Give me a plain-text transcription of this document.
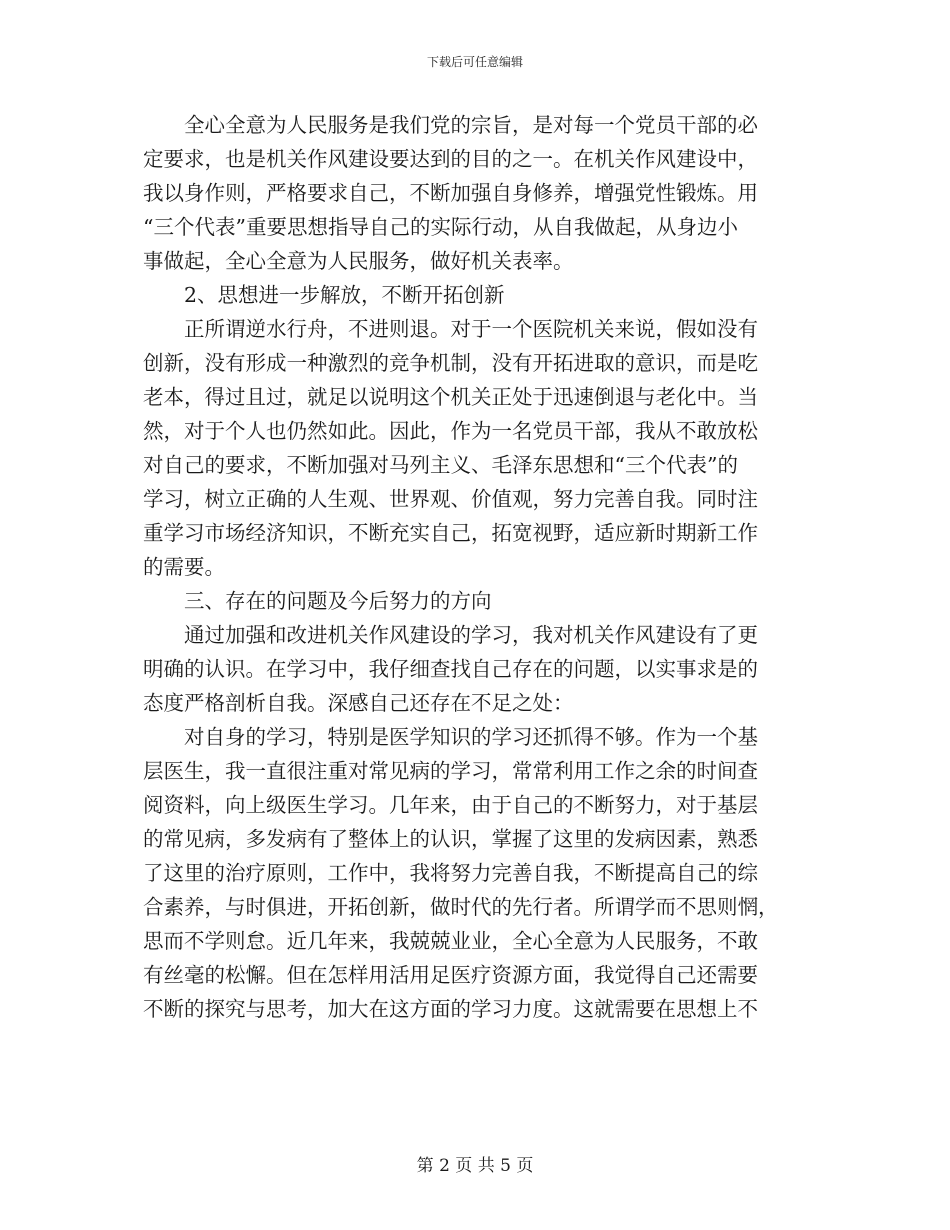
下载后可任意编辑
全心全意为人民服务是我们党的宗旨，是对每一个党员干部的必
定要求，也是机关作风建设要达到的目的之一。在机关作风建设中，
我以身作则，严格要求自己，不断加强自身修养，增强党性锻炼。用
“三个代表”重要思想指导自己的实际行动，从自我做起，从身边小
事做起，全心全意为人民服务，做好机关表率。
2、思想进一步解放，不断开拓创新
正所谓逆水行舟，不进则退。对于一个医院机关来说，假如没有
创新，没有形成一种激烈的竞争机制，没有开拓进取的意识，而是吃
老本，得过且过，就足以说明这个机关正处于迅速倒退与老化中。当
然，对于个人也仍然如此。因此，作为一名党员干部，我从不敢放松
对自己的要求，不断加强对马列主义、毛泽东思想和“三个代表”的
学习，树立正确的人生观、世界观、价值观，努力完善自我。同时注
重学习市场经济知识，不断充实自己，拓宽视野，适应新时期新工作
的需要。
三、存在的问题及今后努力的方向
通过加强和改进机关作风建设的学习，我对机关作风建设有了更
明确的认识。在学习中，我仔细查找自己存在的问题，以实事求是的
态度严格剖析自我。深感自己还存在不足之处：
对自身的学习，特别是医学知识的学习还抓得不够。作为一个基
层医生，我一直很注重对常见病的学习，常常利用工作之余的时间查
阅资料，向上级医生学习。几年来，由于自己的不断努力，对于基层
的常见病，多发病有了整体上的认识，掌握了这里的发病因素，熟悉
了这里的治疗原则，工作中，我将努力完善自我，不断提高自己的综
合素养，与时俱进，开拓创新，做时代的先行者。所谓学而不思则惘，
思而不学则怠。近几年来，我兢兢业业，全心全意为人民服务，不敢
有丝毫的松懈。但在怎样用活用足医疗资源方面，我觉得自己还需要
不断的探究与思考，加大在这方面的学习力度。这就需要在思想上不
第 2 页 共 5 页
